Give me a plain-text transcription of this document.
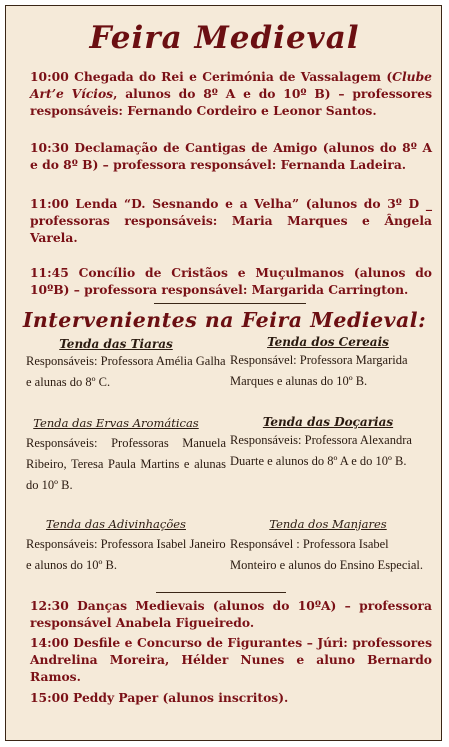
Feira Medieval
10:00 Chegada do Rei e Cerimónia de Vassalagem (Clube Art’e Vícios, alunos do 8º A e do 10º B) – professores responsáveis: Fernando Cordeiro e Leonor Santos.
10:30 Declamação de Cantigas de Amigo (alunos do 8º A e do 8º B) – professora responsável: Fernanda Ladeira.
11:00 Lenda “D. Sesnando e a Velha” (alunos do 3º D _ professoras responsáveis: Maria Marques e Ângela Varela.
11:45 Concílio de Cristãos e Muçulmanos (alunos do 10ºB) – professora responsável: Margarida Carrington.
Intervenientes na Feira Medieval:
Tenda das Tiaras
Responsáveis: Professora Amélia Galha e alunas do 8º C.
Tenda das Ervas Aromáticas
Responsáveis: Professoras Manuela Ribeiro, Teresa Paula Martins e alunas do 10º B.
Tenda das Adivinhações
Responsáveis: Professora Isabel Janeiro e alunos do 10º B.
Tenda dos Cereais
Responsável: Professora Margarida Marques e alunas do 10º B.
Tenda das Doçarias
Responsáveis: Professora Alexandra Duarte e alunos do 8º A e do 10º B.
Tenda dos Manjares
Responsável : Professora Isabel Monteiro e alunos do Ensino Especial.
12:30 Danças Medievais (alunos do 10ºA) – professora responsável Anabela Figueiredo.
14:00 Desfile e Concurso de Figurantes – Júri: professores Andrelina Moreira, Hélder Nunes e aluno Bernardo Ramos.
15:00 Peddy Paper (alunos inscritos).
